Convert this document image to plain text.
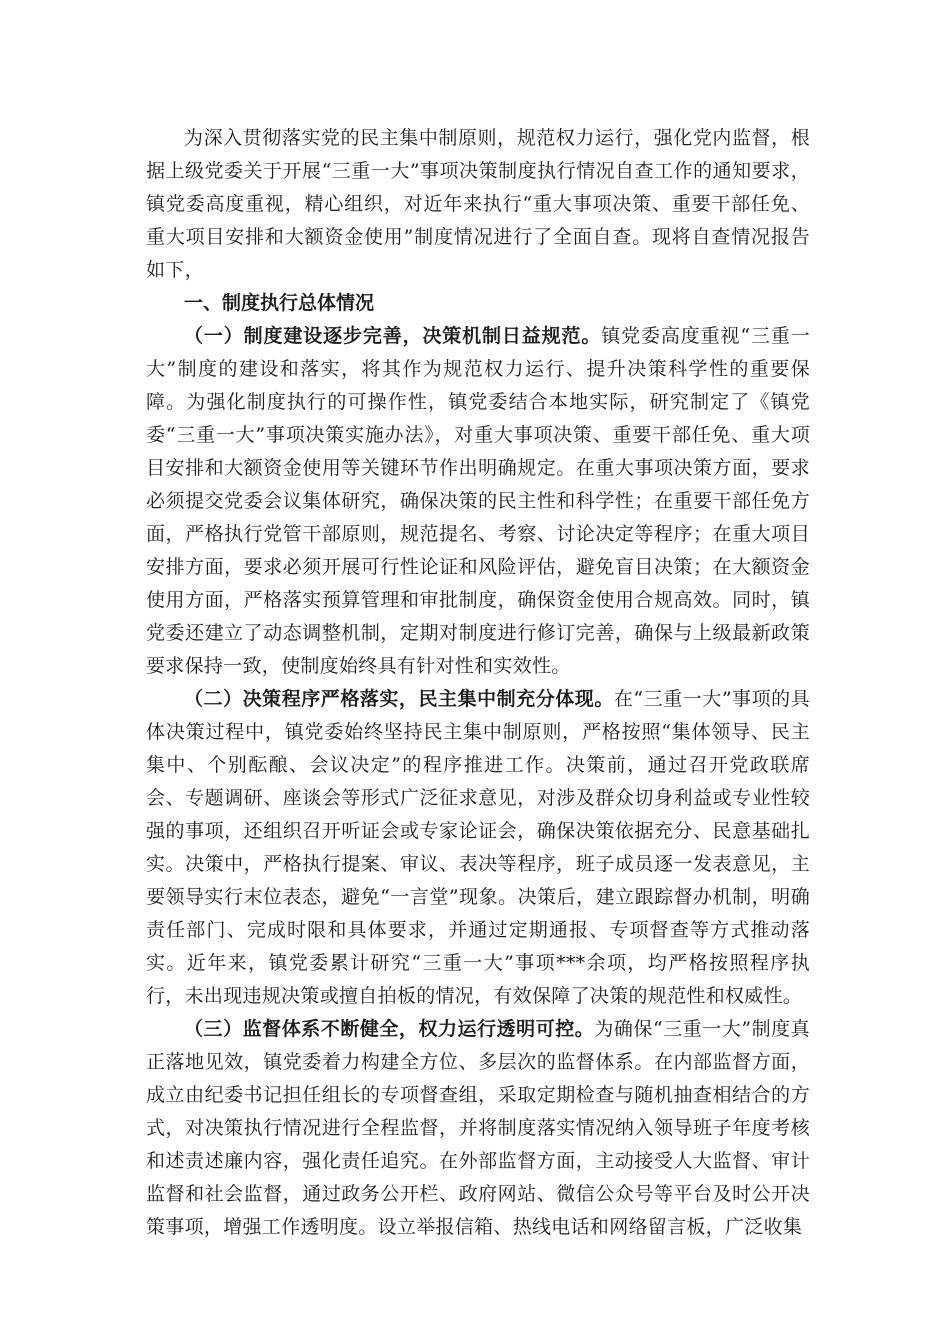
为深入贯彻落实党的民主集中制原则，规范权力运行，强化党内监督，根据上级党委关于开展“三重一大”事项决策制度执行情况自查工作的通知要求，镇党委高度重视，精心组织，对近年来执行“重大事项决策、重要干部任免、重大项目安排和大额资金使用”制度情况进行了全面自查。现将自查情况报告如下，

一、制度执行总体情况

（一）制度建设逐步完善，决策机制日益规范。镇党委高度重视“三重一大”制度的建设和落实，将其作为规范权力运行、提升决策科学性的重要保障。为强化制度执行的可操作性，镇党委结合本地实际，研究制定了《镇党委“三重一大”事项决策实施办法》，对重大事项决策、重要干部任免、重大项目安排和大额资金使用等关键环节作出明确规定。在重大事项决策方面，要求必须提交党委会议集体研究，确保决策的民主性和科学性；在重要干部任免方面，严格执行党管干部原则，规范提名、考察、讨论决定等程序；在重大项目安排方面，要求必须开展可行性论证和风险评估，避免盲目决策；在大额资金使用方面，严格落实预算管理和审批制度，确保资金使用合规高效。同时，镇党委还建立了动态调整机制，定期对制度进行修订完善，确保与上级最新政策要求保持一致，使制度始终具有针对性和实效性。

（二）决策程序严格落实，民主集中制充分体现。在“三重一大”事项的具体决策过程中，镇党委始终坚持民主集中制原则，严格按照“集体领导、民主集中、个别酝酿、会议决定”的程序推进工作。决策前，通过召开党政联席会、专题调研、座谈会等形式广泛征求意见，对涉及群众切身利益或专业性较强的事项，还组织召开听证会或专家论证会，确保决策依据充分、民意基础扎实。决策中，严格执行提案、审议、表决等程序，班子成员逐一发表意见，主要领导实行末位表态，避免“一言堂”现象。决策后，建立跟踪督办机制，明确责任部门、完成时限和具体要求，并通过定期通报、专项督查等方式推动落实。近年来，镇党委累计研究“三重一大”事项***余项，均严格按照程序执行，未出现违规决策或擅自拍板的情况，有效保障了决策的规范性和权威性。

（三）监督体系不断健全，权力运行透明可控。为确保“三重一大”制度真正落地见效，镇党委着力构建全方位、多层次的监督体系。在内部监督方面，成立由纪委书记担任组长的专项督查组，采取定期检查与随机抽查相结合的方式，对决策执行情况进行全程监督，并将制度落实情况纳入领导班子年度考核和述责述廉内容，强化责任追究。在外部监督方面，主动接受人大监督、审计监督和社会监督，通过政务公开栏、政府网站、微信公众号等平台及时公开决策事项，增强工作透明度。设立举报信箱、热线电话和网络留言板，广泛收集
